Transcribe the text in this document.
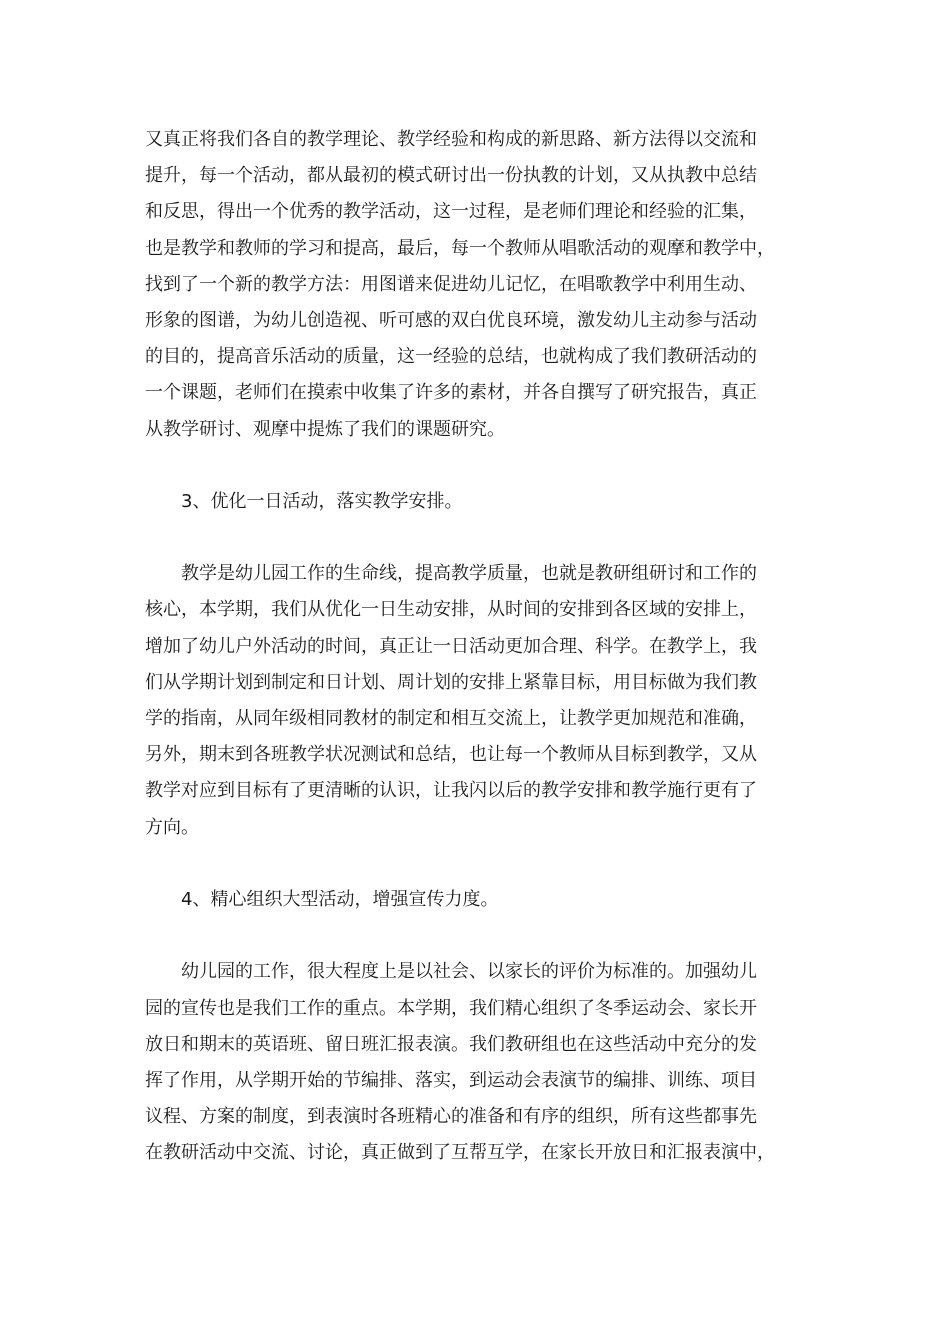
又真正将我们各自的教学理论、教学经验和构成的新思路、新方法得以交流和
提升，每一个活动，都从最初的模式研讨出一份执教的计划，又从执教中总结
和反思，得出一个优秀的教学活动，这一过程，是老师们理论和经验的汇集，
也是教学和教师的学习和提高，最后，每一个教师从唱歌活动的观摩和教学中，
找到了一个新的教学方法：用图谱来促进幼儿记忆，在唱歌教学中利用生动、
形象的图谱，为幼儿创造视、听可感的双白优良环境，激发幼儿主动参与活动
的目的，提高音乐活动的质量，这一经验的总结，也就构成了我们教研活动的
一个课题，老师们在摸索中收集了许多的素材，并各自撰写了研究报告，真正
从教学研讨、观摩中提炼了我们的课题研究。
3、优化一日活动，落实教学安排。
教学是幼儿园工作的生命线，提高教学质量，也就是教研组研讨和工作的
核心，本学期，我们从优化一日生动安排，从时间的安排到各区域的安排上，
增加了幼儿户外活动的时间，真正让一日活动更加合理、科学。在教学上，我
们从学期计划到制定和日计划、周计划的安排上紧靠目标，用目标做为我们教
学的指南，从同年级相同教材的制定和相互交流上，让教学更加规范和准确，
另外，期末到各班教学状况测试和总结，也让每一个教师从目标到教学，又从
教学对应到目标有了更清晰的认识，让我闪以后的教学安排和教学施行更有了
方向。
4、精心组织大型活动，增强宣传力度。
幼儿园的工作，很大程度上是以社会、以家长的评价为标准的。加强幼儿
园的宣传也是我们工作的重点。本学期，我们精心组织了冬季运动会、家长开
放日和期末的英语班、留日班汇报表演。我们教研组也在这些活动中充分的发
挥了作用，从学期开始的节编排、落实，到运动会表演节的编排、训练、项目
议程、方案的制度，到表演时各班精心的准备和有序的组织，所有这些都事先
在教研活动中交流、讨论，真正做到了互帮互学，在家长开放日和汇报表演中，
